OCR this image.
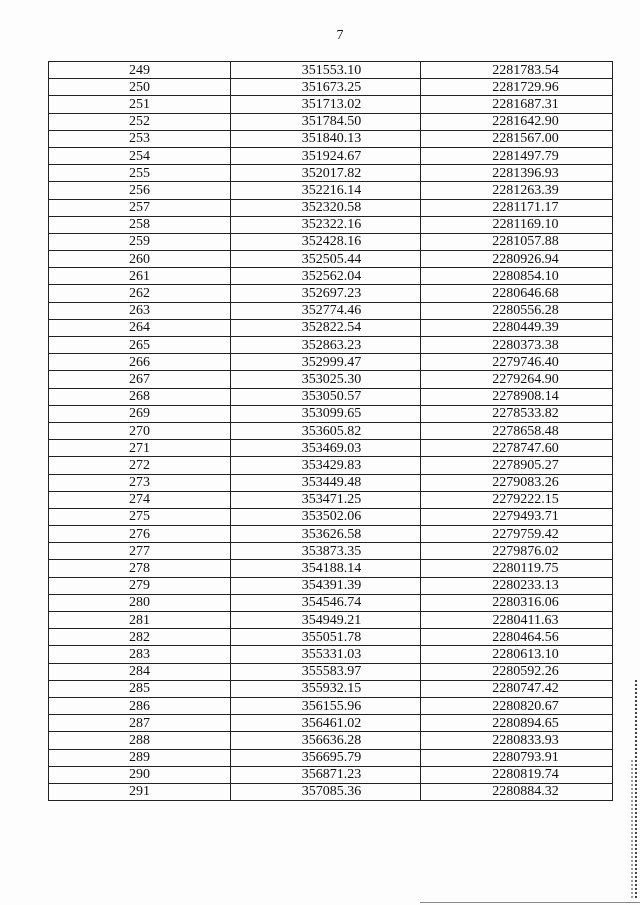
7
249	351553.10	2281783.54
250	351673.25	2281729.96
251	351713.02	2281687.31
252	351784.50	2281642.90
253	351840.13	2281567.00
254	351924.67	2281497.79
255	352017.82	2281396.93
256	352216.14	2281263.39
257	352320.58	2281171.17
258	352322.16	2281169.10
259	352428.16	2281057.88
260	352505.44	2280926.94
261	352562.04	2280854.10
262	352697.23	2280646.68
263	352774.46	2280556.28
264	352822.54	2280449.39
265	352863.23	2280373.38
266	352999.47	2279746.40
267	353025.30	2279264.90
268	353050.57	2278908.14
269	353099.65	2278533.82
270	353605.82	2278658.48
271	353469.03	2278747.60
272	353429.83	2278905.27
273	353449.48	2279083.26
274	353471.25	2279222.15
275	353502.06	2279493.71
276	353626.58	2279759.42
277	353873.35	2279876.02
278	354188.14	2280119.75
279	354391.39	2280233.13
280	354546.74	2280316.06
281	354949.21	2280411.63
282	355051.78	2280464.56
283	355331.03	2280613.10
284	355583.97	2280592.26
285	355932.15	2280747.42
286	356155.96	2280820.67
287	356461.02	2280894.65
288	356636.28	2280833.93
289	356695.79	2280793.91
290	356871.23	2280819.74
291	357085.36	2280884.32
